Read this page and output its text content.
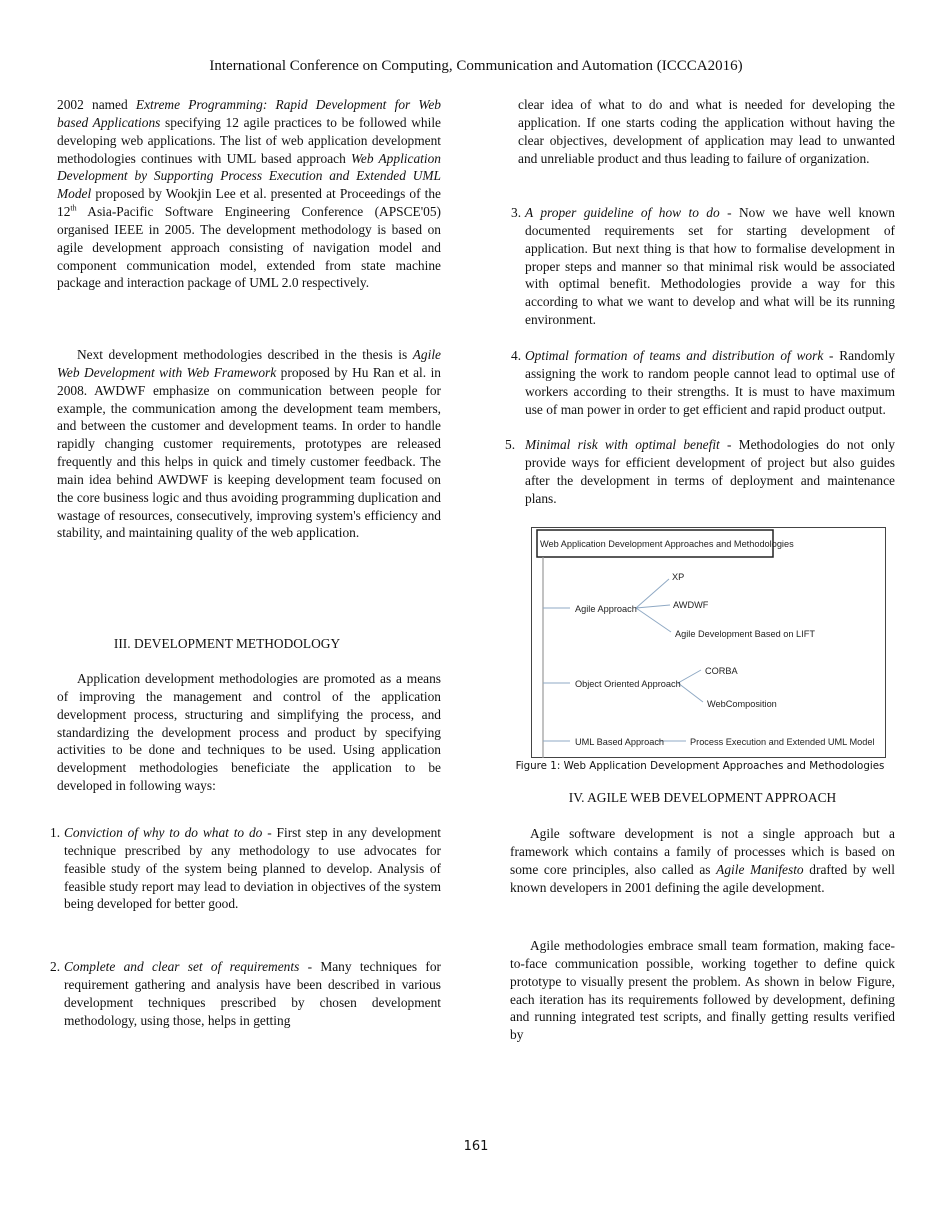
International Conference on Computing, Communication and Automation (ICCCA2016)

2002 named Extreme Programming: Rapid Development for Web based Applications specifying 12 agile practices to be followed while developing web applications. The list of web application development methodologies continues with UML based approach Web Application Development by Supporting Process Execution and Extended UML Model proposed by Wookjin Lee et al. presented at Proceedings of the 12th Asia-Pacific Software Engineering Conference (APSCE'05) organised IEEE in 2005. The development methodology is based on agile development approach consisting of navigation model and component communication model, extended from state machine package and interaction package of UML 2.0 respectively.

Next development methodologies described in the thesis is Agile Web Development with Web Framework proposed by Hu Ran et al. in 2008. AWDWF emphasize on communication between people for example, the communication among the development team members, and between the customer and development teams. In order to handle rapidly changing customer requirements, prototypes are released frequently and this helps in quick and timely customer feedback. The main idea behind AWDWF is keeping development team focused on the core business logic and thus avoiding programming duplication and wastage of resources, consecutively, improving system's efficiency and stability, and maintaining quality of the web application.

III. DEVELOPMENT METHODOLOGY

Application development methodologies are promoted as a means of improving the management and control of the application development process, structuring and simplifying the process, and standardizing the development process and product by specifying activities to be done and techniques to be used. Using application development methodologies beneficiate the application to be developed in following ways:

1. Conviction of why to do what to do - First step in any development technique prescribed by any methodology to use advocates for feasible study of the system being planned to develop. Analysis of feasible study report may lead to deviation in objectives of the system being developed for better good.
2. Complete and clear set of requirements - Many techniques for requirement gathering and analysis have been described in various development techniques prescribed by chosen development methodology, using those, helps in getting

clear idea of what to do and what is needed for developing the application. If one starts coding the application without having the clear objectives, development of application may lead to unwanted and unreliable product and thus leading to failure of organization.

3. A proper guideline of how to do - Now we have well known documented requirements set for starting development of application. But next thing is that how to formalise development in proper steps and manner so that minimal risk would be associated with optimal benefit. Methodologies provide a way for this according to what we want to develop and what will be its running environment.
4. Optimal formation of teams and distribution of work - Randomly assigning the work to random people cannot lead to optimal use of workers according to their strengths. It is must to have maximum use of man power in order to get efficient and rapid product output.
5. Minimal risk with optimal benefit - Methodologies do not only provide ways for efficient development of project but also guides after the development in terms of deployment and maintenance plans.
Web Application Development Approaches and Methodologies
Agile Approach
XP
AWDWF
Agile Development Based on LIFT
Object Oriented Approach
CORBA
WebComposition
UML Based Approach	Process Execution and Extended UML Model
Figure 1: Web Application Development Approaches and Methodologies
IV. AGILE WEB DEVELOPMENT APPROACH

Agile software development is not a single approach but a framework which contains a family of processes which is based on some core principles, also called as Agile Manifesto drafted by well known developers in 2001 defining the agile development.

Agile methodologies embrace small team formation, making face-to-face communication possible, working together to define quick prototype to visually present the problem. As shown in below Figure, each iteration has its requirements followed by development, defining and running integrated test scripts, and finally getting results verified by

161
